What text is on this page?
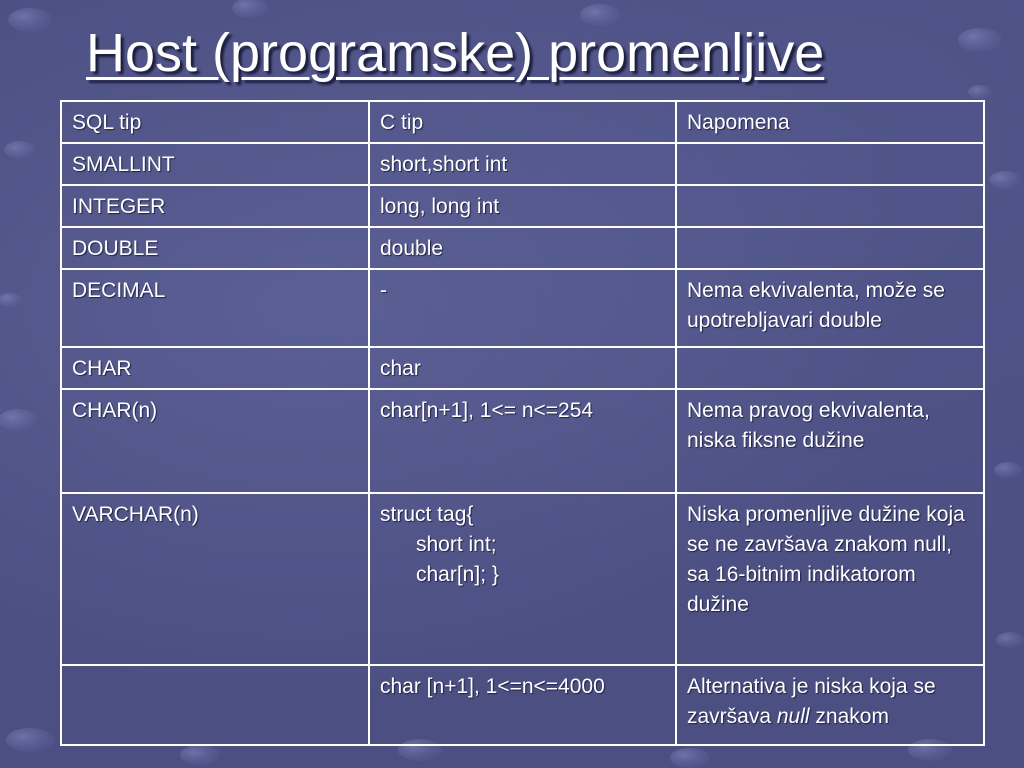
Host (programske) promenljive
SQL tip	C tip	Napomena
SMALLINT	short,short int	
INTEGER	long, long int	
DOUBLE	double	
DECIMAL	-	Nema ekvivalenta, može se upotrebljavari double
CHAR	char	
CHAR(n)	char[n+1], 1<= n<=254	Nema pravog ekvivalenta, niska fiksne dužine
VARCHAR(n)	struct tag{
short int;
char[n]; }	Niska promenljive dužine koja se ne završava znakom null, sa 16-bitnim indikatorom dužine
	char [n+1], 1<=n<=4000	Alternativa je niska koja se završava null znakom
